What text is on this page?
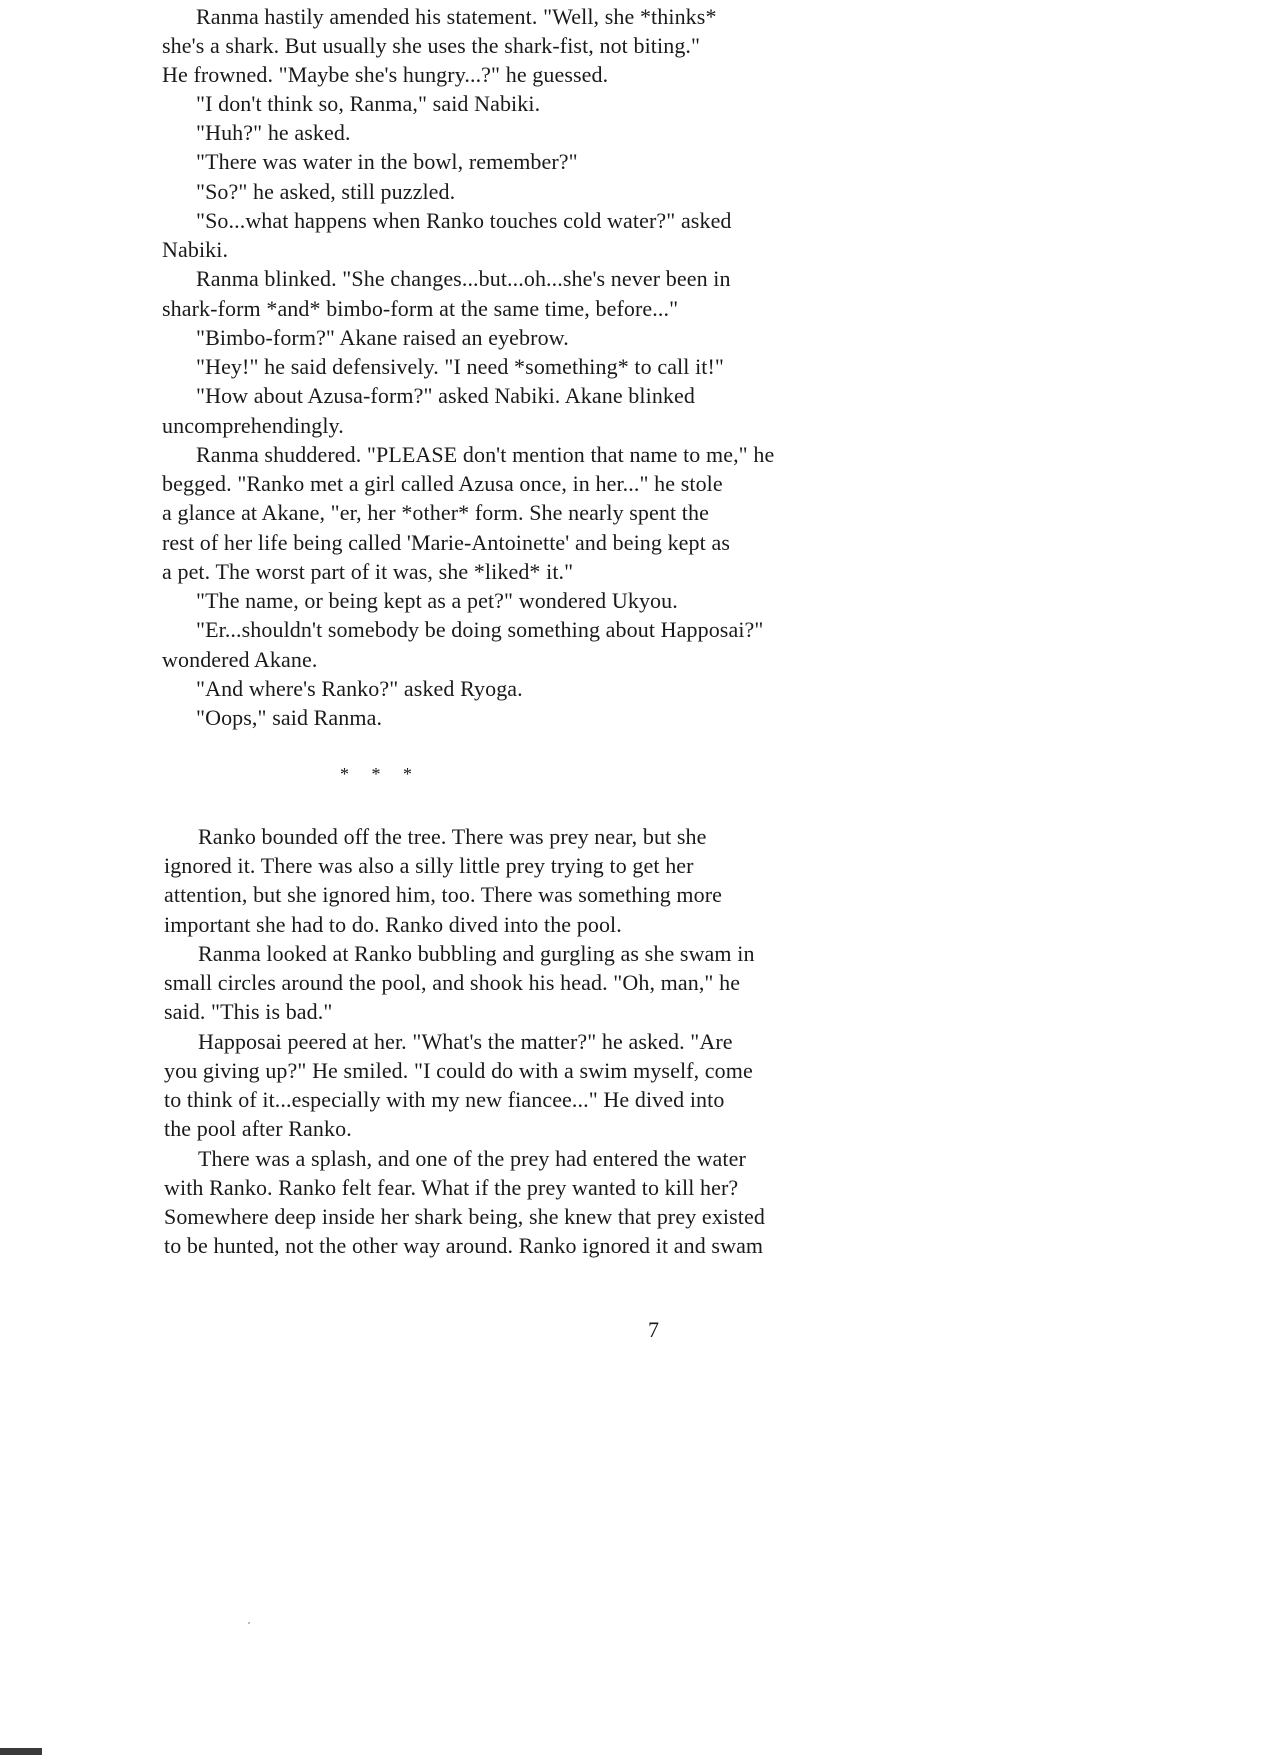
Ranma hastily amended his statement. "Well, she *thinks*
she's a shark. But usually she uses the shark-fist, not biting."
He frowned. "Maybe she's hungry...?" he guessed.
"I don't think so, Ranma," said Nabiki.
"Huh?" he asked.
"There was water in the bowl, remember?"
"So?" he asked, still puzzled.
"So...what happens when Ranko touches cold water?" asked
Nabiki.
Ranma blinked. "She changes...but...oh...she's never been in
shark-form *and* bimbo-form at the same time, before..."
"Bimbo-form?" Akane raised an eyebrow.
"Hey!" he said defensively. "I need *something* to call it!"
"How about Azusa-form?" asked Nabiki. Akane blinked
uncomprehendingly.
Ranma shuddered. "PLEASE don't mention that name to me," he
begged. "Ranko met a girl called Azusa once, in her..." he stole
a glance at Akane, "er, her *other* form. She nearly spent the
rest of her life being called 'Marie-Antoinette' and being kept as
a pet. The worst part of it was, she *liked* it."
"The name, or being kept as a pet?" wondered Ukyou.
"Er...shouldn't somebody be doing something about Happosai?"
wondered Akane.
"And where's Ranko?" asked Ryoga.
"Oops," said Ranma.
* * *
Ranko bounded off the tree. There was prey near, but she
ignored it. There was also a silly little prey trying to get her
attention, but she ignored him, too. There was something more
important she had to do. Ranko dived into the pool.
Ranma looked at Ranko bubbling and gurgling as she swam in
small circles around the pool, and shook his head. "Oh, man," he
said. "This is bad."
Happosai peered at her. "What's the matter?" he asked. "Are
you giving up?" He smiled. "I could do with a swim myself, come
to think of it...especially with my new fiancee..." He dived into
the pool after Ranko.
There was a splash, and one of the prey had entered the water
with Ranko. Ranko felt fear. What if the prey wanted to kill her?
Somewhere deep inside her shark being, she knew that prey existed
to be hunted, not the other way around. Ranko ignored it and swam
7
